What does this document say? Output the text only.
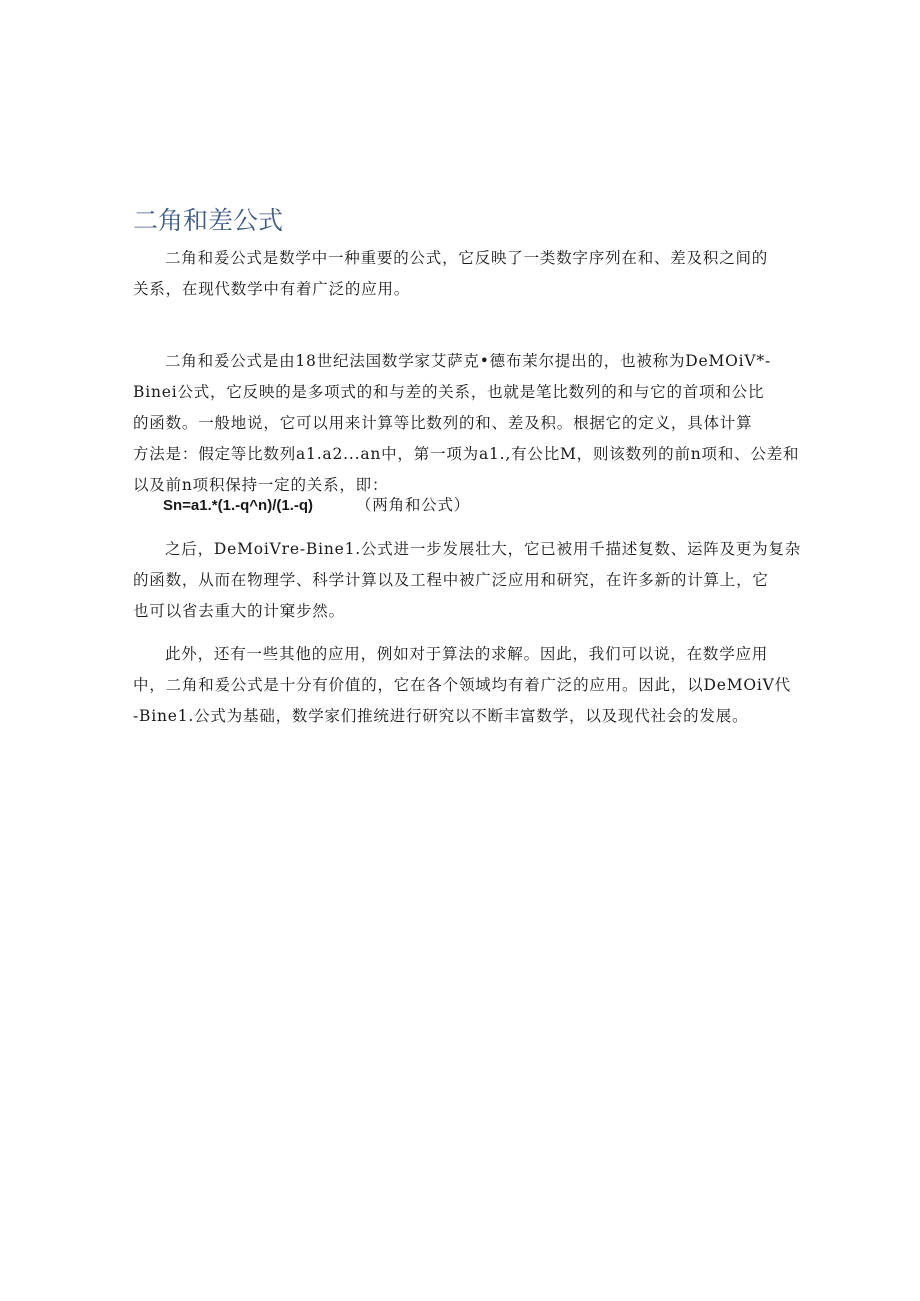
二角和差公式

二角和爰公式是数学中一种重要的公式，它反映了一类数字序列在和、差及积之间的
关系，在现代数学中有着广泛的应用。

二角和爰公式是由18世纪法国数学家艾萨克•德布茉尔提出的，也被称为DeMOiV*-
Binei公式，它反映的是多项式的和与差的关系，也就是笔比数列的和与它的首项和公比
的函数。一般地说，它可以用来计算等比数列的和、差及积。根据它的定义，具体计算
方法是：假定等比数列a1.a2...an中，第一项为a1.,有公比M，则该数列的前n项和、公差和
以及前n项积保持一定的关系，即：

Sn=a1.*(1.-q^n)/(1.-q)	（两角和公式）

之后，DeMoiVre-Bine1.公式进一步发展壮大，它已被用千描述复数、运阵及更为复杂
的函数，从而在物理学、科学计算以及工程中被广泛应用和研究，在许多新的计算上，它
也可以省去重大的计窠步然。

此外，还有一些其他的应用，例如对于算法的求解。因此，我们可以说，在数学应用
中，二角和爰公式是十分有价值的，它在各个领域均有着广泛的应用。因此，以DeMOiV代
-Bine1.公式为基础，数学家们推统进行研究以不断丰富数学，以及现代社会的发展。
